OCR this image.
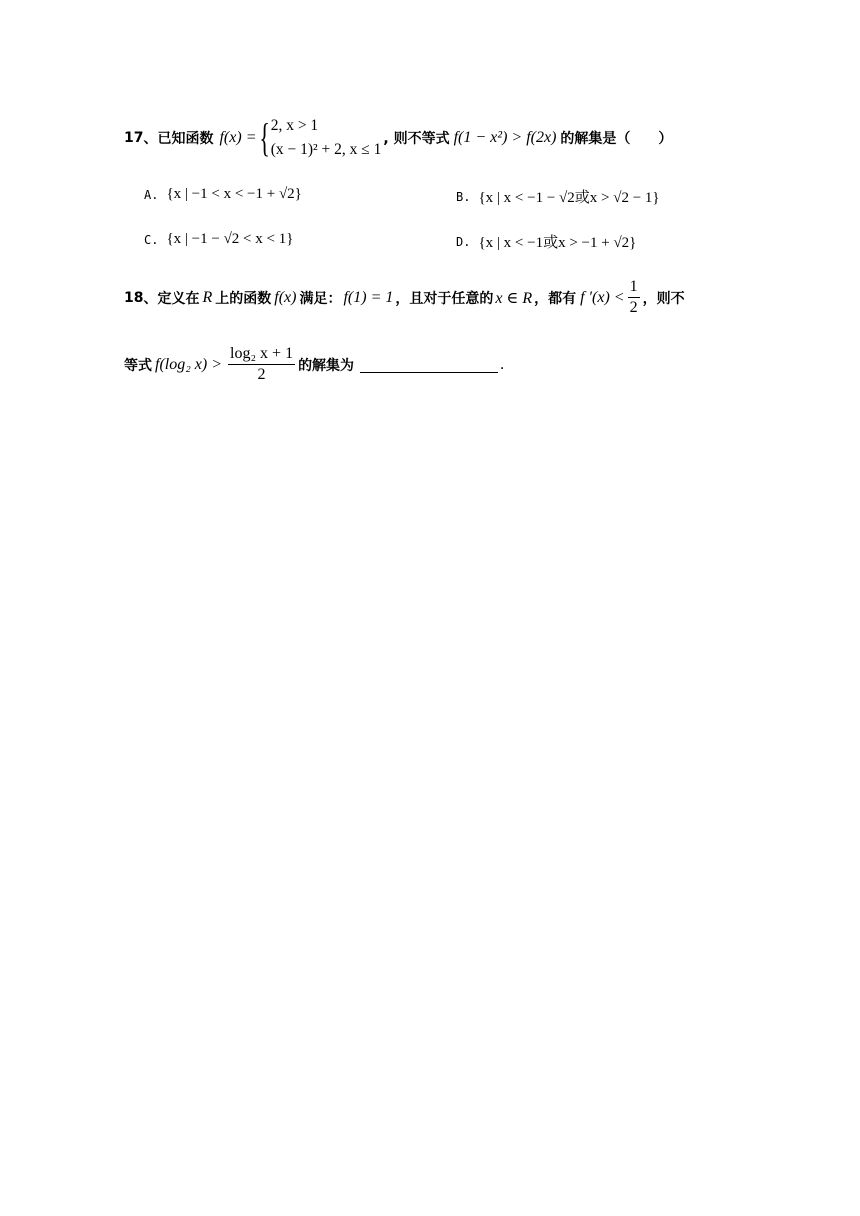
17 、 已知函数 f(x) = { 2, x > 1
(x − 1)² + 2, x ≤ 1
, 则不等式 f(1 − x²) > f(2x) 的解集是（　　）
A. {x | −1 < x < −1 + √2}	B. {x | x < −1 − √2或x > √2 − 1}
C. {x | −1 − √2 < x < 1}	D. {x | x < −1或x > −1 + √2}
18 、 定义在 R 上的函数 f(x) 满足： f(1) = 1 ，且对于任意的 x ∈ R ，都有 f $'(x) < \frac{1}{2}$ ，则不
等式 f(log₂ $x) > \frac{\text{log₂ x + 1}}{2}$ 的解集为	.
